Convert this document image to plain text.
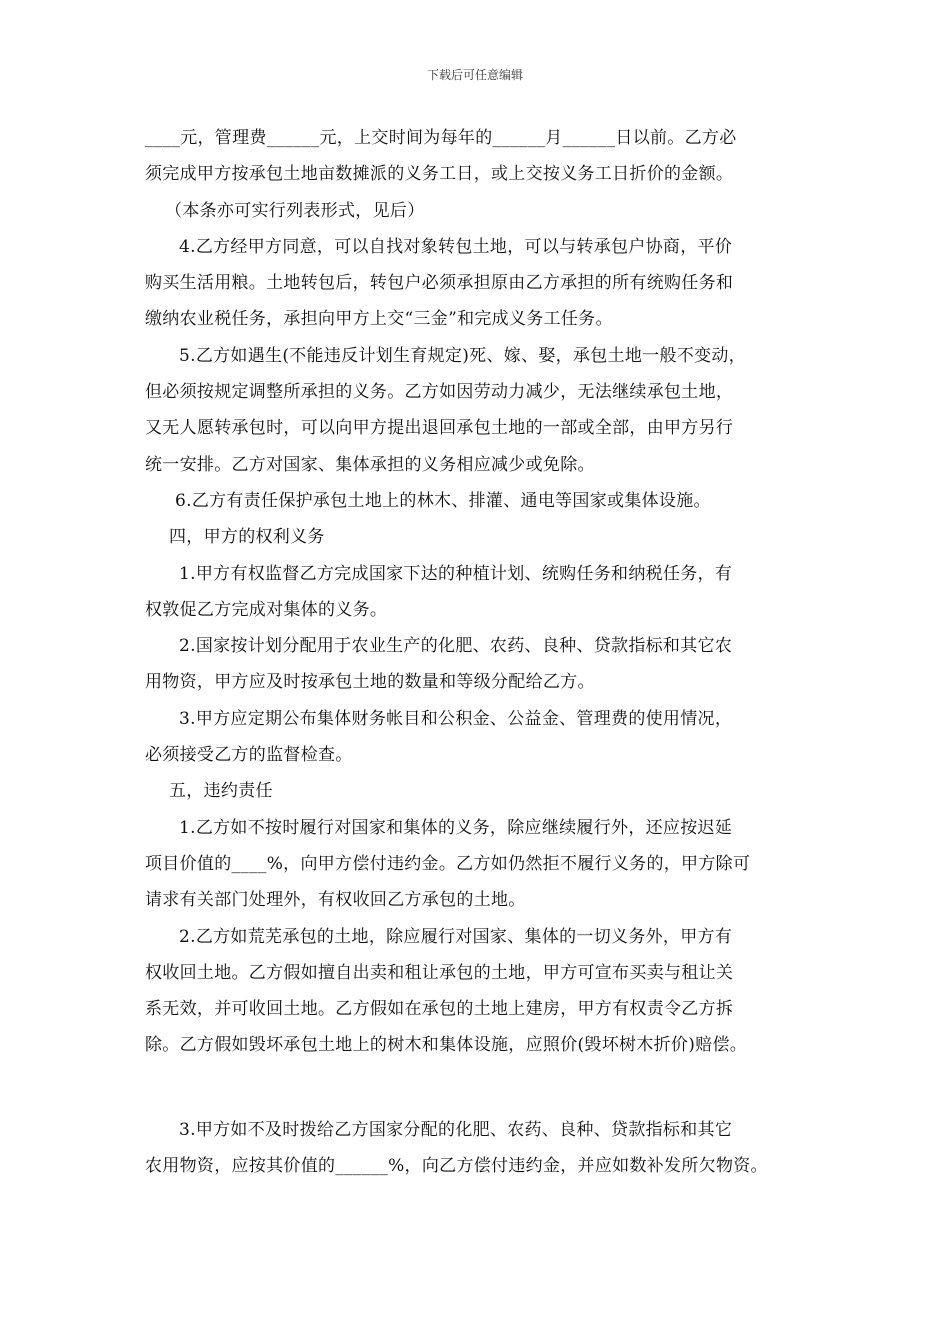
下载后可任意编辑
____元，管理费______元，上交时间为每年的______月______日以前。乙方必
须完成甲方按承包土地亩数摊派的义务工日，或上交按义务工日折价的金额。
（本条亦可实行列表形式，见后）
4.乙方经甲方同意，可以自找对象转包土地，可以与转承包户协商，平价
购买生活用粮。土地转包后，转包户必须承担原由乙方承担的所有统购任务和
缴纳农业税任务，承担向甲方上交“三金”和完成义务工任务。
5.乙方如遇生(不能违反计划生育规定)死、嫁、娶，承包土地一般不变动，
但必须按规定调整所承担的义务。乙方如因劳动力减少，无法继续承包土地，
又无人愿转承包时，可以向甲方提出退回承包土地的一部或全部，由甲方另行
统一安排。乙方对国家、集体承担的义务相应减少或免除。
6.乙方有责任保护承包土地上的林木、排灌、通电等国家或集体设施。
四，甲方的权利义务
1.甲方有权监督乙方完成国家下达的种植计划、统购任务和纳税任务，有
权敦促乙方完成对集体的义务。
2.国家按计划分配用于农业生产的化肥、农药、良种、贷款指标和其它农
用物资，甲方应及时按承包土地的数量和等级分配给乙方。
3.甲方应定期公布集体财务帐目和公积金、公益金、管理费的使用情况，
必须接受乙方的监督检查。
五，违约责任
1.乙方如不按时履行对国家和集体的义务，除应继续履行外，还应按迟延
项目价值的____%，向甲方偿付违约金。乙方如仍然拒不履行义务的，甲方除可
请求有关部门处理外，有权收回乙方承包的土地。
2.乙方如荒芜承包的土地，除应履行对国家、集体的一切义务外，甲方有
权收回土地。乙方假如擅自出卖和租让承包的土地，甲方可宣布买卖与租让关
系无效，并可收回土地。乙方假如在承包的土地上建房，甲方有权责令乙方拆
除。乙方假如毁坏承包土地上的树木和集体设施，应照价(毁坏树木折价)赔偿。
3.甲方如不及时拨给乙方国家分配的化肥、农药、良种、贷款指标和其它
农用物资，应按其价值的______%，向乙方偿付违约金，并应如数补发所欠物资。
